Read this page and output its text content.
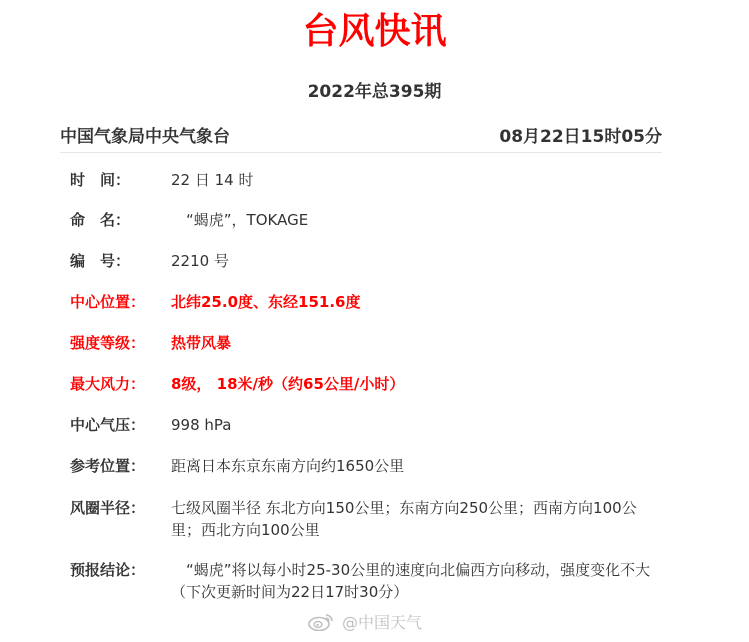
台风快讯
2022年总395期
中国气象局中央气象台	08月22日15时05分
时　间：	22 日 14 时
命　名：	　“蝎虎”，TOKAGE
编　号：	2210 号
中心位置：	北纬25.0度、东经151.6度
强度等级：	热带风暴
最大风力：	8级， 18米/秒（约65公里/小时）
中心气压：	998 hPa
参考位置：	距离日本东京东南方向约1650公里
风圈半径：	七级风圈半径 东北方向150公里；东南方向250公里；西南方向100公里；西北方向100公里
预报结论：	　“蝎虎”将以每小时25-30公里的速度向北偏西方向移动，强度变化不大
（下次更新时间为22日17时30分）
@中国天气
